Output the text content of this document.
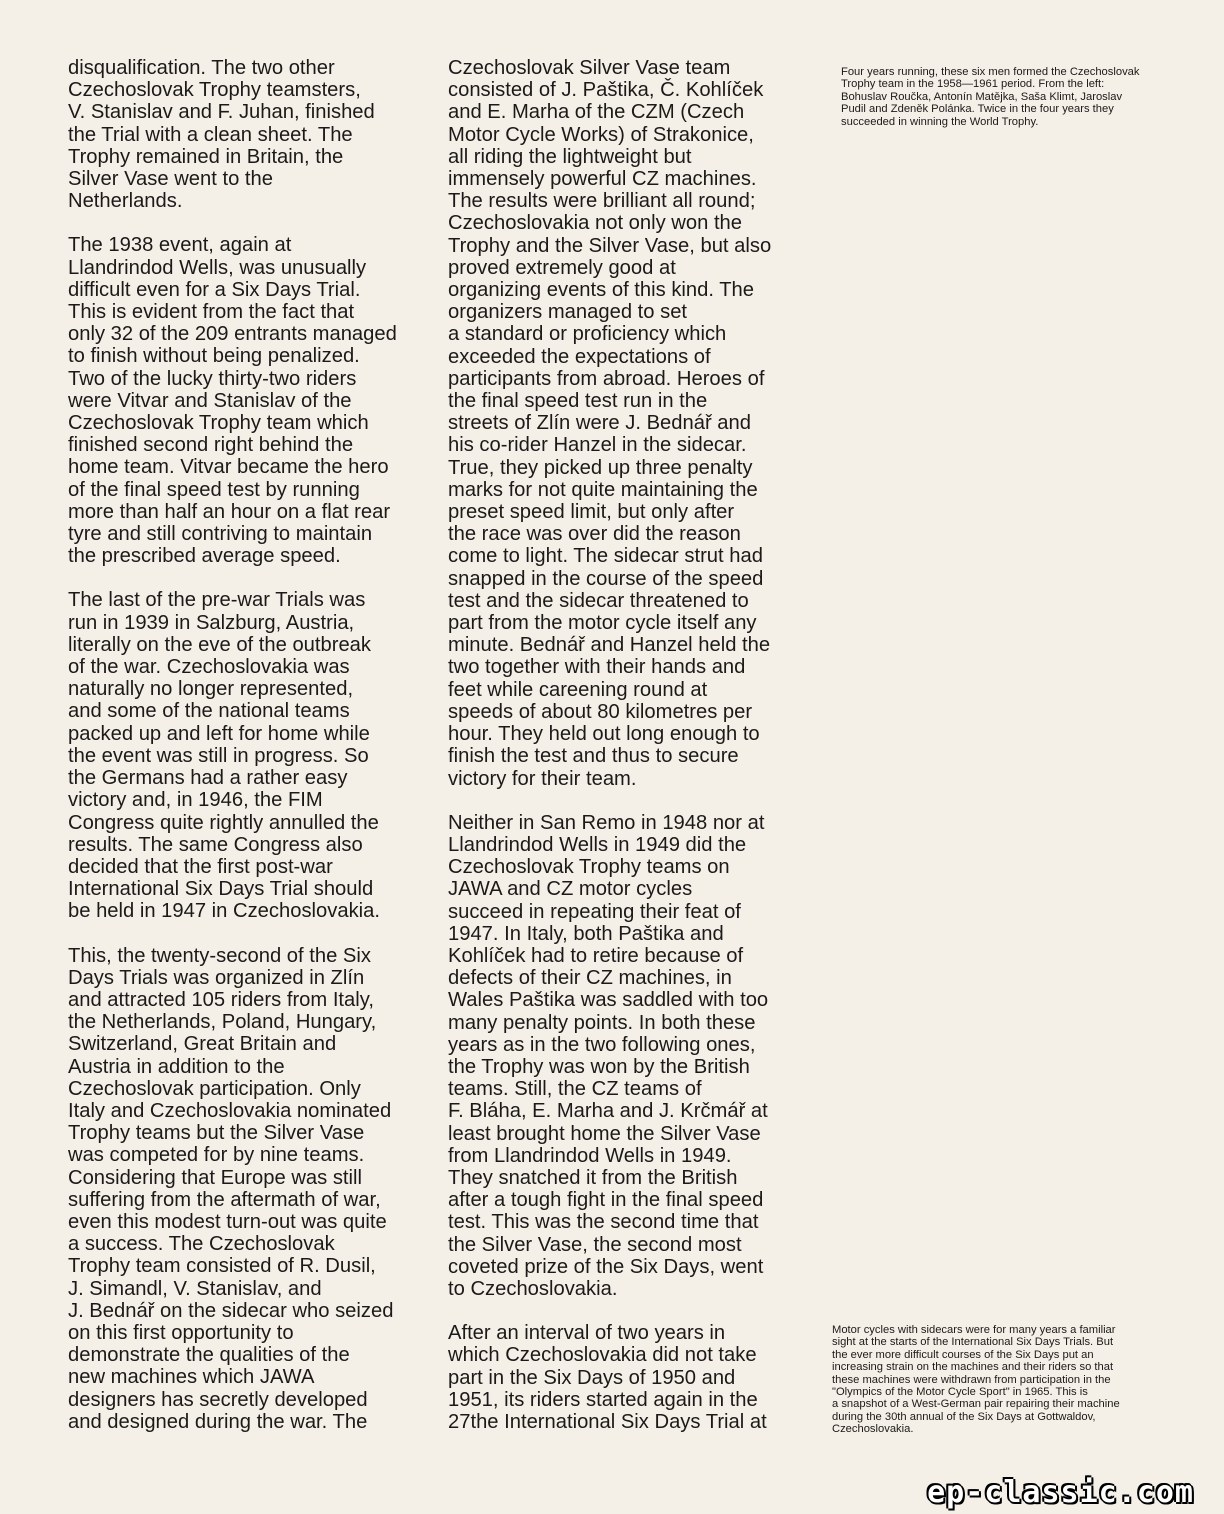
disqualification. The two other
Czechoslovak Trophy teamsters,
V. Stanislav and F. Juhan, finished
the Trial with a clean sheet. The
Trophy remained in Britain, the
Silver Vase went to the
Netherlands.

The 1938 event, again at
Llandrindod Wells, was unusually
difficult even for a Six Days Trial.
This is evident from the fact that
only 32 of the 209 entrants managed
to finish without being penalized.
Two of the lucky thirty-two riders
were Vitvar and Stanislav of the
Czechoslovak Trophy team which
finished second right behind the
home team. Vitvar became the hero
of the final speed test by running
more than half an hour on a flat rear
tyre and still contriving to maintain
the prescribed average speed.

The last of the pre-war Trials was
run in 1939 in Salzburg, Austria,
literally on the eve of the outbreak
of the war. Czechoslovakia was
naturally no longer represented,
and some of the national teams
packed up and left for home while
the event was still in progress. So
the Germans had a rather easy
victory and, in 1946, the FIM
Congress quite rightly annulled the
results. The same Congress also
decided that the first post-war
International Six Days Trial should
be held in 1947 in Czechoslovakia.

This, the twenty-second of the Six
Days Trials was organized in Zlín
and attracted 105 riders from Italy,
the Netherlands, Poland, Hungary,
Switzerland, Great Britain and
Austria in addition to the
Czechoslovak participation. Only
Italy and Czechoslovakia nominated
Trophy teams but the Silver Vase
was competed for by nine teams.
Considering that Europe was still
suffering from the aftermath of war,
even this modest turn-out was quite
a success. The Czechoslovak
Trophy team consisted of R. Dusil,
J. Simandl, V. Stanislav, and
J. Bednář on the sidecar who seized
on this first opportunity to
demonstrate the qualities of the
new machines which JAWA
designers has secretly developed
and designed during the war. The

Czechoslovak Silver Vase team
consisted of J. Paštika, Č. Kohlíček
and E. Marha of the CZM (Czech
Motor Cycle Works) of Strakonice,
all riding the lightweight but
immensely powerful CZ machines.
The results were brilliant all round;
Czechoslovakia not only won the
Trophy and the Silver Vase, but also
proved extremely good at
organizing events of this kind. The
organizers managed to set
a standard or proficiency which
exceeded the expectations of
participants from abroad. Heroes of
the final speed test run in the
streets of Zlín were J. Bednář and
his co-rider Hanzel in the sidecar.
True, they picked up three penalty
marks for not quite maintaining the
preset speed limit, but only after
the race was over did the reason
come to light. The sidecar strut had
snapped in the course of the speed
test and the sidecar threatened to
part from the motor cycle itself any
minute. Bednář and Hanzel held the
two together with their hands and
feet while careening round at
speeds of about 80 kilometres per
hour. They held out long enough to
finish the test and thus to secure
victory for their team.

Neither in San Remo in 1948 nor at
Llandrindod Wells in 1949 did the
Czechoslovak Trophy teams on
JAWA and CZ motor cycles
succeed in repeating their feat of
1947. In Italy, both Paštika and
Kohlíček had to retire because of
defects of their CZ machines, in
Wales Paštika was saddled with too
many penalty points. In both these
years as in the two following ones,
the Trophy was won by the British
teams. Still, the CZ teams of
F. Bláha, E. Marha and J. Krčmář at
least brought home the Silver Vase
from Llandrindod Wells in 1949.
They snatched it from the British
after a tough fight in the final speed
test. This was the second time that
the Silver Vase, the second most
coveted prize of the Six Days, went
to Czechoslovakia.

After an interval of two years in
which Czechoslovakia did not take
part in the Six Days of 1950 and
1951, its riders started again in the
27the International Six Days Trial at

Four years running, these six men formed the Czechoslovak
Trophy team in the 1958—1961 period. From the left:
Bohuslav Roučka, Antonín Matějka, Saša Klimt, Jaroslav
Pudil and Zdeněk Polánka. Twice in the four years they
succeeded in winning the World Trophy.
Motor cycles with sidecars were for many years a familiar
sight at the starts of the International Six Days Trials. But
the ever more difficult courses of the Six Days put an
increasing strain on the machines and their riders so that
these machines were withdrawn from participation in the
"Olympics of the Motor Cycle Sport" in 1965. This is
a snapshot of a West-German pair repairing their machine
during the 30th annual of the Six Days at Gottwaldov,
Czechoslovakia.
ep-classic.com
